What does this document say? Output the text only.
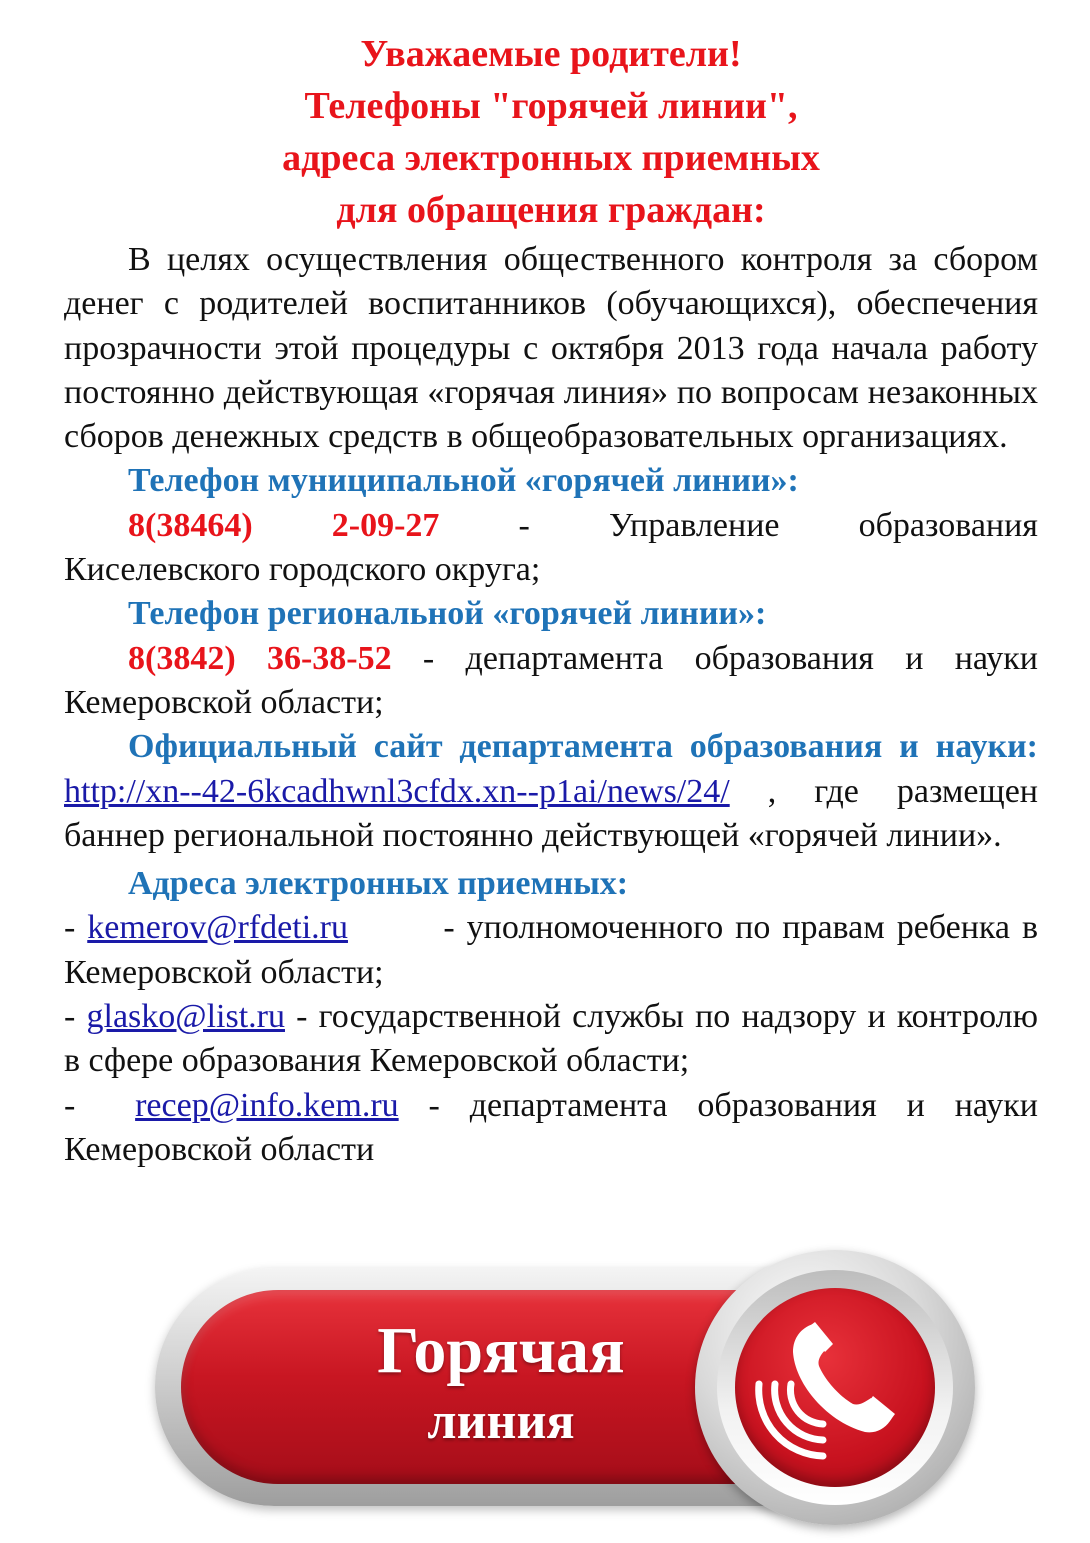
Уважаемые родители!

Телефоны "горячей линии",

адреса электронных приемных

для обращения граждан:

В целях осуществления общественного контроля за сбором денег с родителей воспитанников (обучающихся), обеспечения прозрачности этой процедуры с октября 2013 года начала работу постоянно действующая «горячая линия» по вопросам незаконных сборов денежных средств в общеобразовательных организациях.

Телефон муниципальной «горячей линии»:

8(38464) 2-09-27 - Управление образования

Киселевского городского округа;

Телефон региональной «горячей линии»:

8(3842) 36-38-52 - департамента образования и науки Кемеровской области;

Официальный сайт департамента образования и науки: http://xn--42-6kcadhwnl3cfdx.xn--p1ai/news/24/ , где размещен баннер региональной постоянно действующей «горячей линии».

Адреса электронных приемных:

- kemerov@rfdeti.ru        - уполномоченного по правам ребенка в Кемеровской области;

- glasko@list.ru - государственной службы по надзору и контролю в сфере образования Кемеровской области;

-  recep@info.kem.ru - департамента образования и науки Кемеровской области

Горячая
линия
